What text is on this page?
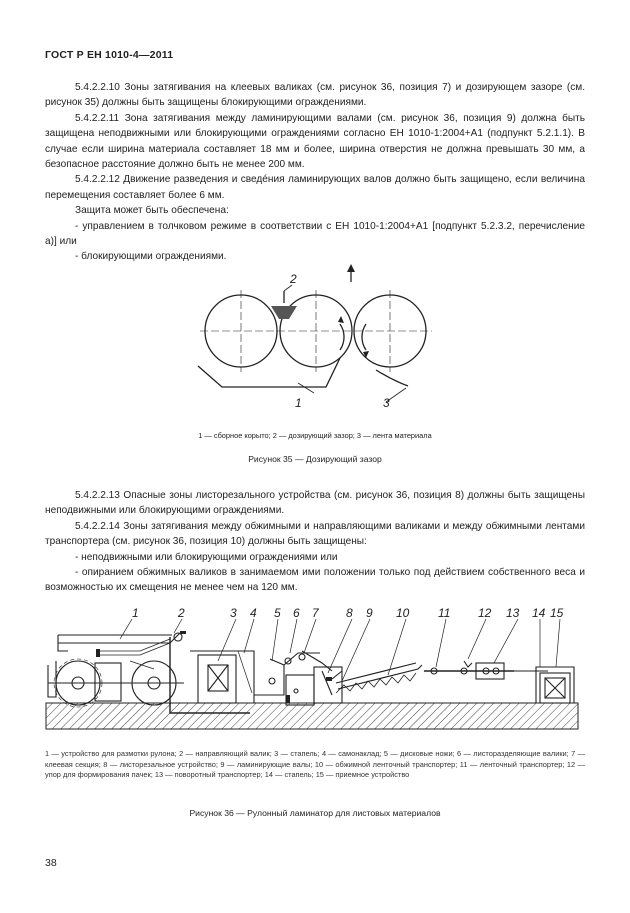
ГОСТ Р ЕН 1010-4—2011

5.4.2.2.10 Зоны затягивания на клеевых валиках (см. рисунок 36, позиция 7) и дозирующем зазоре (см. рисунок 35) должны быть защищены блокирующими ограждениями.

5.4.2.2.11 Зона затягивания между ламинирующими валами (см. рисунок 36, позиция 9) должна быть защищена неподвижными или блокирующими ограждениями согласно ЕН 1010-1:2004+А1 (подпункт 5.2.1.1). В случае если ширина материала составляет 18 мм и более, ширина отверстия не должна превышать 30 мм, а безопасное расстояние должно быть не менее 200 мм.

5.4.2.2.12 Движение разведения и сведéния ламинирующих валов должно быть защищено, если величина перемещения составляет более 6 мм.

Защита может быть обеспечена:

- управлением в толчковом режиме в соответствии с ЕН 1010-1:2004+А1 [подпункт 5.2.3.2, перечисление а)] или

- блокирующими ограждениями.

2
1	3
1 — сборное корыто; 2 — дозирующий зазор; 3 — лента материала
Рисунок 35 — Дозирующий зазор

5.4.2.2.13 Опасные зоны листорезального устройства (см. рисунок 36, позиция 8) должны быть защищены неподвижными или блокирующими ограждениями.

5.4.2.2.14 Зоны затягивания между обжимными и направляющими валиками и между обжимными лентами транспортера (см. рисунок 36, позиция 10) должны быть защищены:

- неподвижными или блокирующими ограждениями или

- опиранием обжимных валиков в занимаемом ими положении только под действием собственного веса и возможностью их смещения не менее чем на 120 мм.

1	2	3 4 5 6 7 8 9 10 11 12 13 14 15
1 — устройство для размотки рулона; 2 — направляющий валик; 3 — стапель; 4 — самонаклад; 5 — дисковые ножи; 6 — листоразделяющие валики; 7 — клеевая секция; 8 — листорезальное устройство; 9 — ламинирующие валы; 10 — обжимной ленточный транспортер; 11 — ленточный транспортер; 12 — упор для формирования пачек; 13 — поворотный транспортер; 14 — стапель; 15 — приемное устройство
Рисунок 36 — Рулонный ламинатор для листовых материалов
38
